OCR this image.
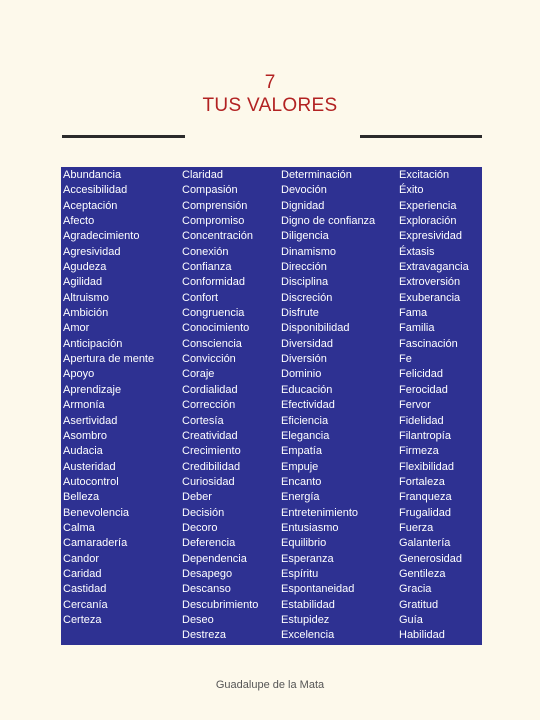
7
TUS VALORES
Abundancia
Accesibilidad
Aceptación
Afecto
Agradecimiento
Agresividad
Agudeza
Agilidad
Altruismo
Ambición
Amor
Anticipación
Apertura de mente
Apoyo
Aprendizaje
Armonía
Asertividad
Asombro
Audacia
Austeridad
Autocontrol
Belleza
Benevolencia
Calma
Camaradería
Candor
Caridad
Castidad
Cercanía
Certeza
Claridad
Compasión
Comprensión
Compromiso
Concentración
Conexión
Confianza
Conformidad
Confort
Congruencia
Conocimiento
Consciencia
Convicción
Coraje
Cordialidad
Corrección
Cortesía
Creatividad
Crecimiento
Credibilidad
Curiosidad
Deber
Decisión
Decoro
Deferencia
Dependencia
Desapego
Descanso
Descubrimiento
Deseo
Destreza
Determinación
Devoción
Dignidad
Digno de confianza
Diligencia
Dinamismo
Dirección
Disciplina
Discreción
Disfrute
Disponibilidad
Diversidad
Diversión
Dominio
Educación
Efectividad
Eficiencia
Elegancia
Empatía
Empuje
Encanto
Energía
Entretenimiento
Entusiasmo
Equilibrio
Esperanza
Espíritu
Espontaneidad
Estabilidad
Estupidez
Excelencia
Excitación
Éxito
Experiencia
Exploración
Expresividad
Éxtasis
Extravagancia
Extroversión
Exuberancia
Fama
Familia
Fascinación
Fe
Felicidad
Ferocidad
Fervor
Fidelidad
Filantropía
Firmeza
Flexibilidad
Fortaleza
Franqueza
Frugalidad
Fuerza
Galantería
Generosidad
Gentileza
Gracia
Gratitud
Guía
Habilidad
Guadalupe de la Mata
